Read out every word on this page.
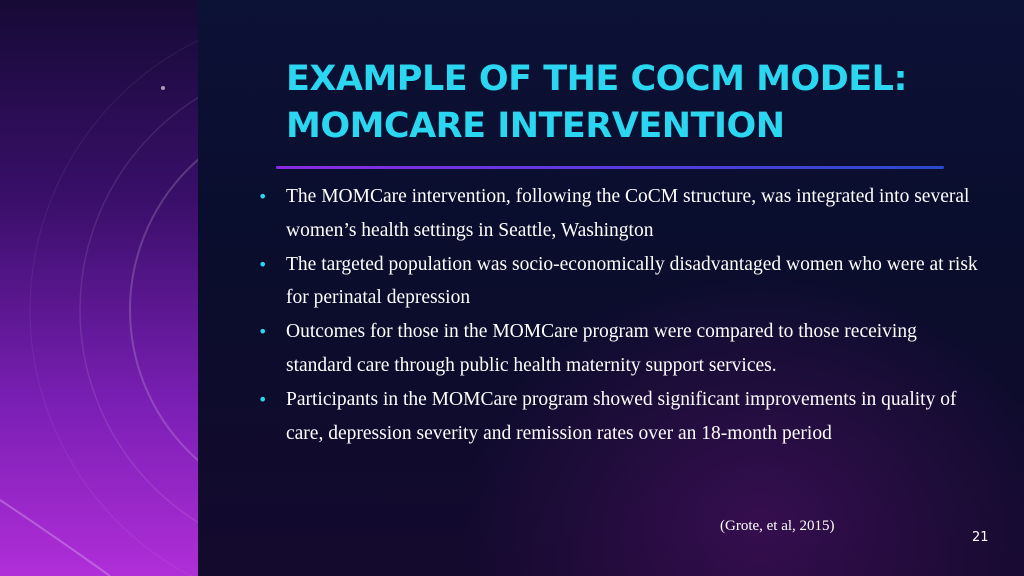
EXAMPLE OF THE COCM MODEL:
MOMCARE INTERVENTION
• The MOMCare intervention, following the CoCM structure, was integrated into several women’s health settings in Seattle, Washington
• The targeted population was socio-economically disadvantaged women who were at risk for perinatal depression
• Outcomes for those in the MOMCare program were compared to those receiving standard care through public health maternity support services.
• Participants in the MOMCare program showed significant improvements in quality of care, depression severity and remission rates over an 18-month period
(Grote, et al, 2015)
21
